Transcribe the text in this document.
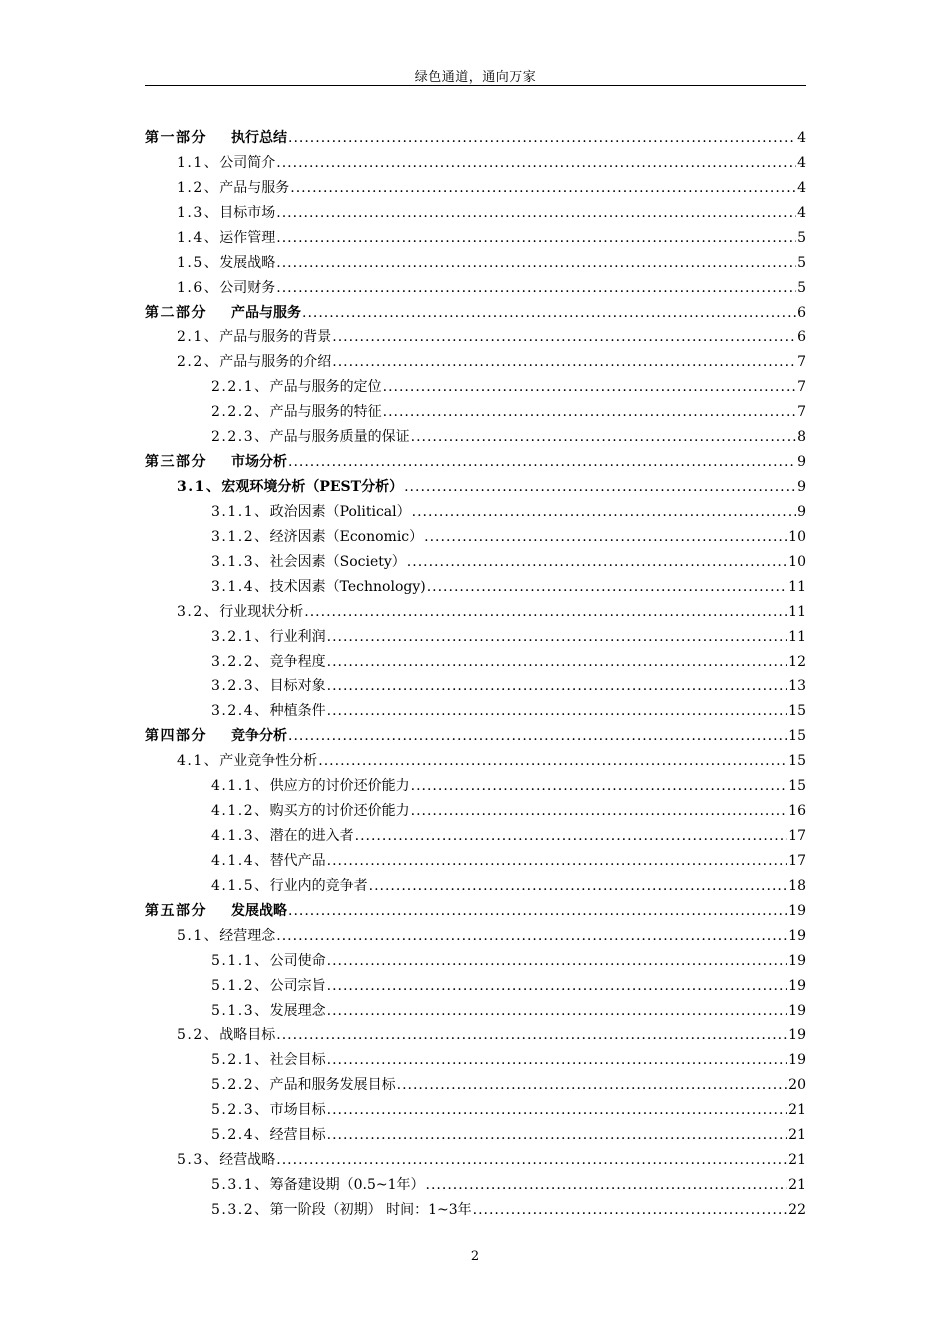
绿色通道，通向万家
第一部分 执行总结 .....	4
1.1、公司简介 .....	4
1.2、产品与服务 .....	4
1.3、目标市场 .....	4
1.4、运作管理 .....	5
1.5、发展战略 .....	5
1.6、公司财务 .....	5
第二部分 产品与服务 .....	6
2.1、产品与服务的背景 .....	6
2.2、产品与服务的介绍 .....	7
2.2.1、产品与服务的定位 .....	7
2.2.2、产品与服务的特征 .....	7
2.2.3、产品与服务质量的保证 .....	8
第三部分 市场分析 .....	9
3.1、宏观环境分析（PEST分析） .....	9
3.1.1、政治因素（Political） .....	9
3.1.2、经济因素（Economic） .....	10
3.1.3、社会因素（Society） .....	10
3.1.4、技术因素（Technology) .....	11
3.2、行业现状分析 .....	11
3.2.1、行业利润 .....	11
3.2.2、竞争程度 .....	12
3.2.3、目标对象 .....	13
3.2.4、种植条件 .....	15
第四部分 竞争分析 .....	15
4.1、产业竞争性分析 .....	15
4.1.1、供应方的讨价还价能力 .....	15
4.1.2、购买方的讨价还价能力 .....	16
4.1.3、潜在的进入者 .....	17
4.1.4、替代产品 .....	17
4.1.5、行业内的竞争者 .....	18
第五部分 发展战略 .....	19
5.1、经营理念 .....	19
5.1.1、公司使命 .....	19
5.1.2、公司宗旨 .....	19
5.1.3、发展理念 .....	19
5.2、战略目标 .....	19
5.2.1、社会目标 .....	19
5.2.2、产品和服务发展目标 .....	20
5.2.3、市场目标 .....	21
5.2.4、经营目标 .....	21
5.3、经营战略 .....	21
5.3.1、筹备建设期（0.5~1年） .....	21
5.3.2、第一阶段（初期） 时间：1~3年 .....	22
2
